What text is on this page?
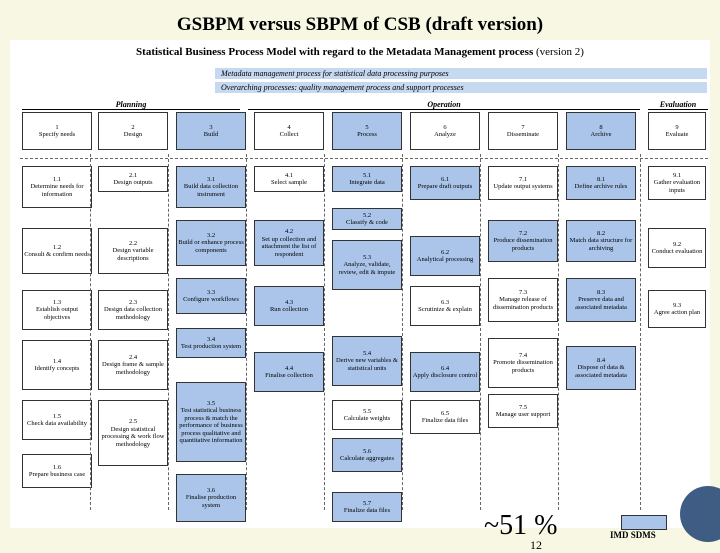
GSBPM versus SBPM of CSB (draft version)
Statistical Business Process Model with regard to the Metadata Management process (version 2)
Metadata management process for statistical data processing purposes
Overarching processes: quality management process and support processes
Planning	Operation	Evaluation
1
Specify needs
2
Design
3
Build
4
Collect
5
Process
6
Analyze
7
Disseminate
8
Archive
9
Evaluate
1.1
Determine needs for information
1.2
Consult & confirm needs
1.3
Establish output objectives
1.4
Identify concepts
1.5
Check data availability
1.6
Prepare business case
2.1
Design outputs
2.2
Design variable descriptions
2.3
Design data collection methodology
2.4
Design frame & sample methodology
2.5
Design statistical processing & work flow methodology
3.1
Build data collection instrument
3.2
Build or enhance process components
3.3
Configure workflows
3.4
Test production system
3.5
Test statistical business process & match the performance of business process qualitative and quantitative information
3.6
Finalise production system
4.1
Select sample
4.2
Set up collection and attachment the list of respondent
4.3
Run collection
4.4
Finalise collection
5.1
Integrate data
5.2
Classify & code
5.3
Analyze, validate, review, edit & impute
5.4
Derive new variables & statistical units
5.5
Calculate weights
5.6
Calculate aggregates
5.7
Finalize data files
6.1
Prepare draft outputs
6.2
Analytical processing
6.3
Scrutinize & explain
6.4
Apply disclosure control
6.5
Finalize data files
7.1
Update output systems
7.2
Produce dissemination products
7.3
Manage release of dissemination products
7.4
Promote dissemination products
7.5
Manage user support
8.1
Define archive rules
8.2
Match data structure for archiving
8.3
Preserve data and associated metadata
8.4
Dispose of data & associated metadata
9.1
Gather evaluation inputs
9.2
Conduct evaluation
9.3
Agree action plan
~51 %
12
IMD SDMS
